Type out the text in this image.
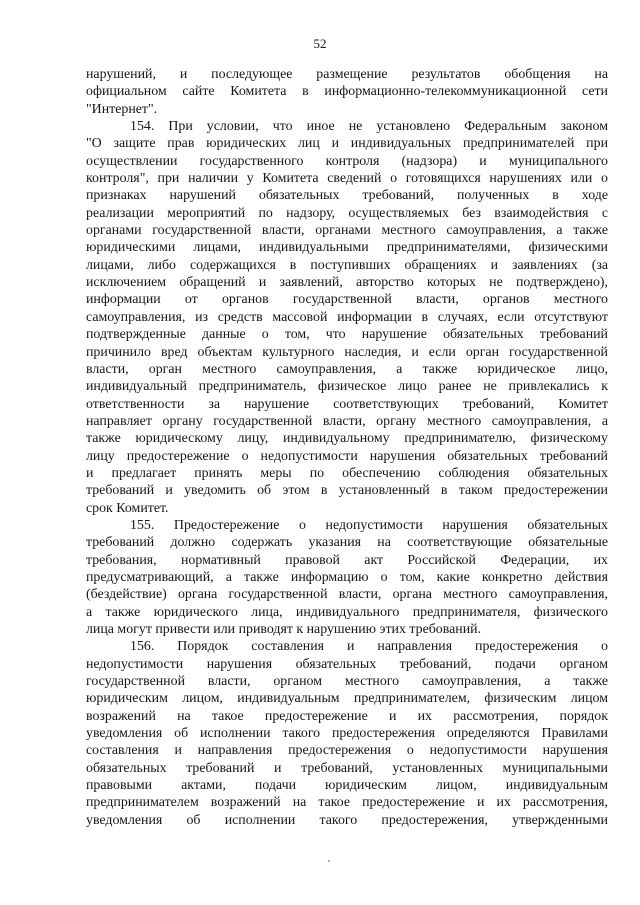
52
нарушений, и последующее размещение результатов обобщения на
официальном сайте Комитета в информационно-телекоммуникационной сети
"Интернет".
154. При условии, что иное не установлено Федеральным законом
"О защите прав юридических лиц и индивидуальных предпринимателей при
осуществлении государственного контроля (надзора) и муниципального
контроля", при наличии у Комитета сведений о готовящихся нарушениях или о
признаках нарушений обязательных требований, полученных в ходе
реализации мероприятий по надзору, осуществляемых без взаимодействия с
органами государственной власти, органами местного самоуправления, а также
юридическими лицами, индивидуальными предпринимателями, физическими
лицами, либо содержащихся в поступивших обращениях и заявлениях (за
исключением обращений и заявлений, авторство которых не подтверждено),
информации от органов государственной власти, органов местного
самоуправления, из средств массовой информации в случаях, если отсутствуют
подтвержденные данные о том, что нарушение обязательных требований
причинило вред объектам культурного наследия, и если орган государственной
власти, орган местного самоуправления, а также юридическое лицо,
индивидуальный предприниматель, физическое лицо ранее не привлекались к
ответственности за нарушение соответствующих требований, Комитет
направляет органу государственной власти, органу местного самоуправления, а
также юридическому лицу, индивидуальному предпринимателю, физическому
лицу предостережение о недопустимости нарушения обязательных требований
и предлагает принять меры по обеспечению соблюдения обязательных
требований и уведомить об этом в установленный в таком предостережении
срок Комитет.
155. Предостережение о недопустимости нарушения обязательных
требований должно содержать указания на соответствующие обязательные
требования, нормативный правовой акт Российской Федерации, их
предусматривающий, а также информацию о том, какие конкретно действия
(бездействие) органа государственной власти, органа местного самоуправления,
а также юридического лица, индивидуального предпринимателя, физического
лица могут привести или приводят к нарушению этих требований.
156. Порядок составления и направления предостережения о
недопустимости нарушения обязательных требований, подачи органом
государственной власти, органом местного самоуправления, а также
юридическим лицом, индивидуальным предпринимателем, физическим лицом
возражений на такое предостережение и их рассмотрения, порядок
уведомления об исполнении такого предостережения определяются Правилами
составления и направления предостережения о недопустимости нарушения
обязательных требований и требований, установленных муниципальными
правовыми актами, подачи юридическим лицом, индивидуальным
предпринимателем возражений на такое предостережение и их рассмотрения,
уведомления об исполнении такого предостережения, утвержденными
